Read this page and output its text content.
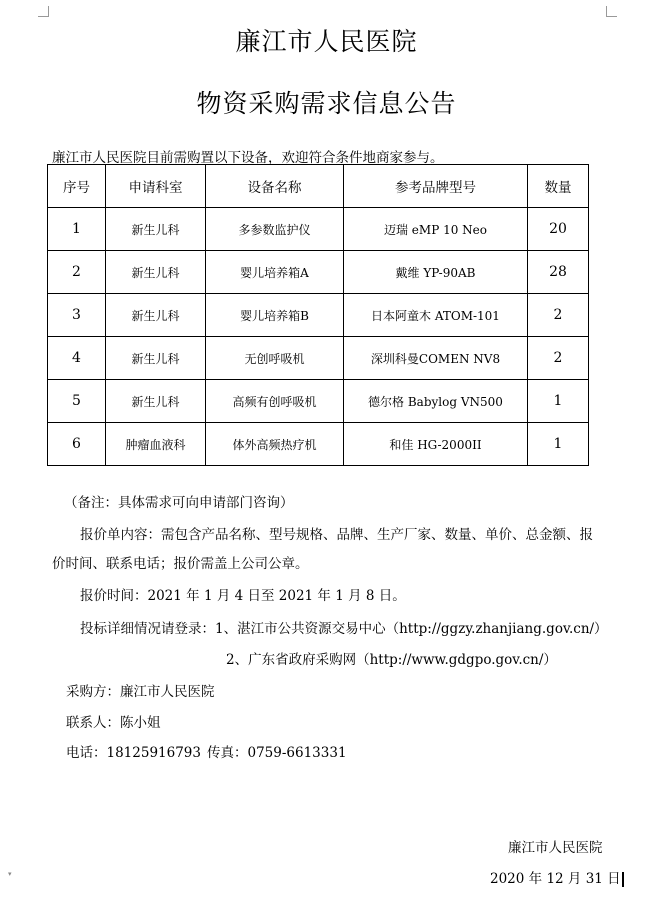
廉江市人民医院
物资采购需求信息公告
廉江市人民医院目前需购置以下设备，欢迎符合条件地商家参与。
序号	申请科室	设备名称	参考品牌型号	数量
1	新生儿科	多参数监护仪	迈瑞 eMP 10 Neo	20
2	新生儿科	婴儿培养箱A	戴维 YP-90AB	28
3	新生儿科	婴儿培养箱B	日本阿童木 ATOM-101	2
4	新生儿科	无创呼吸机	深圳科曼COMEN NV8	2
5	新生儿科	高频有创呼吸机	德尔格 Babylog VN500	1
6	肿瘤血液科	体外高频热疗机	和佳 HG-2000II	1
（备注：具体需求可向申请部门咨询）
报价单内容：需包含产品名称、型号规格、品牌、生产厂家、数量、单价、总金额、报
价时间、联系电话；报价需盖上公司公章。
报价时间：2021 年 1 月 4 日至 2021 年 1 月 8 日。
投标详细情况请登录：1、湛江市公共资源交易中心（http://ggzy.zhanjiang.gov.cn/）
2、广东省政府采购网（http://www.gdgpo.gov.cn/）
采购方：廉江市人民医院
联系人：陈小姐
电话：18125916793 传真：0759-6613331
廉江市人民医院
2020 年 12 月 31 日
▾
